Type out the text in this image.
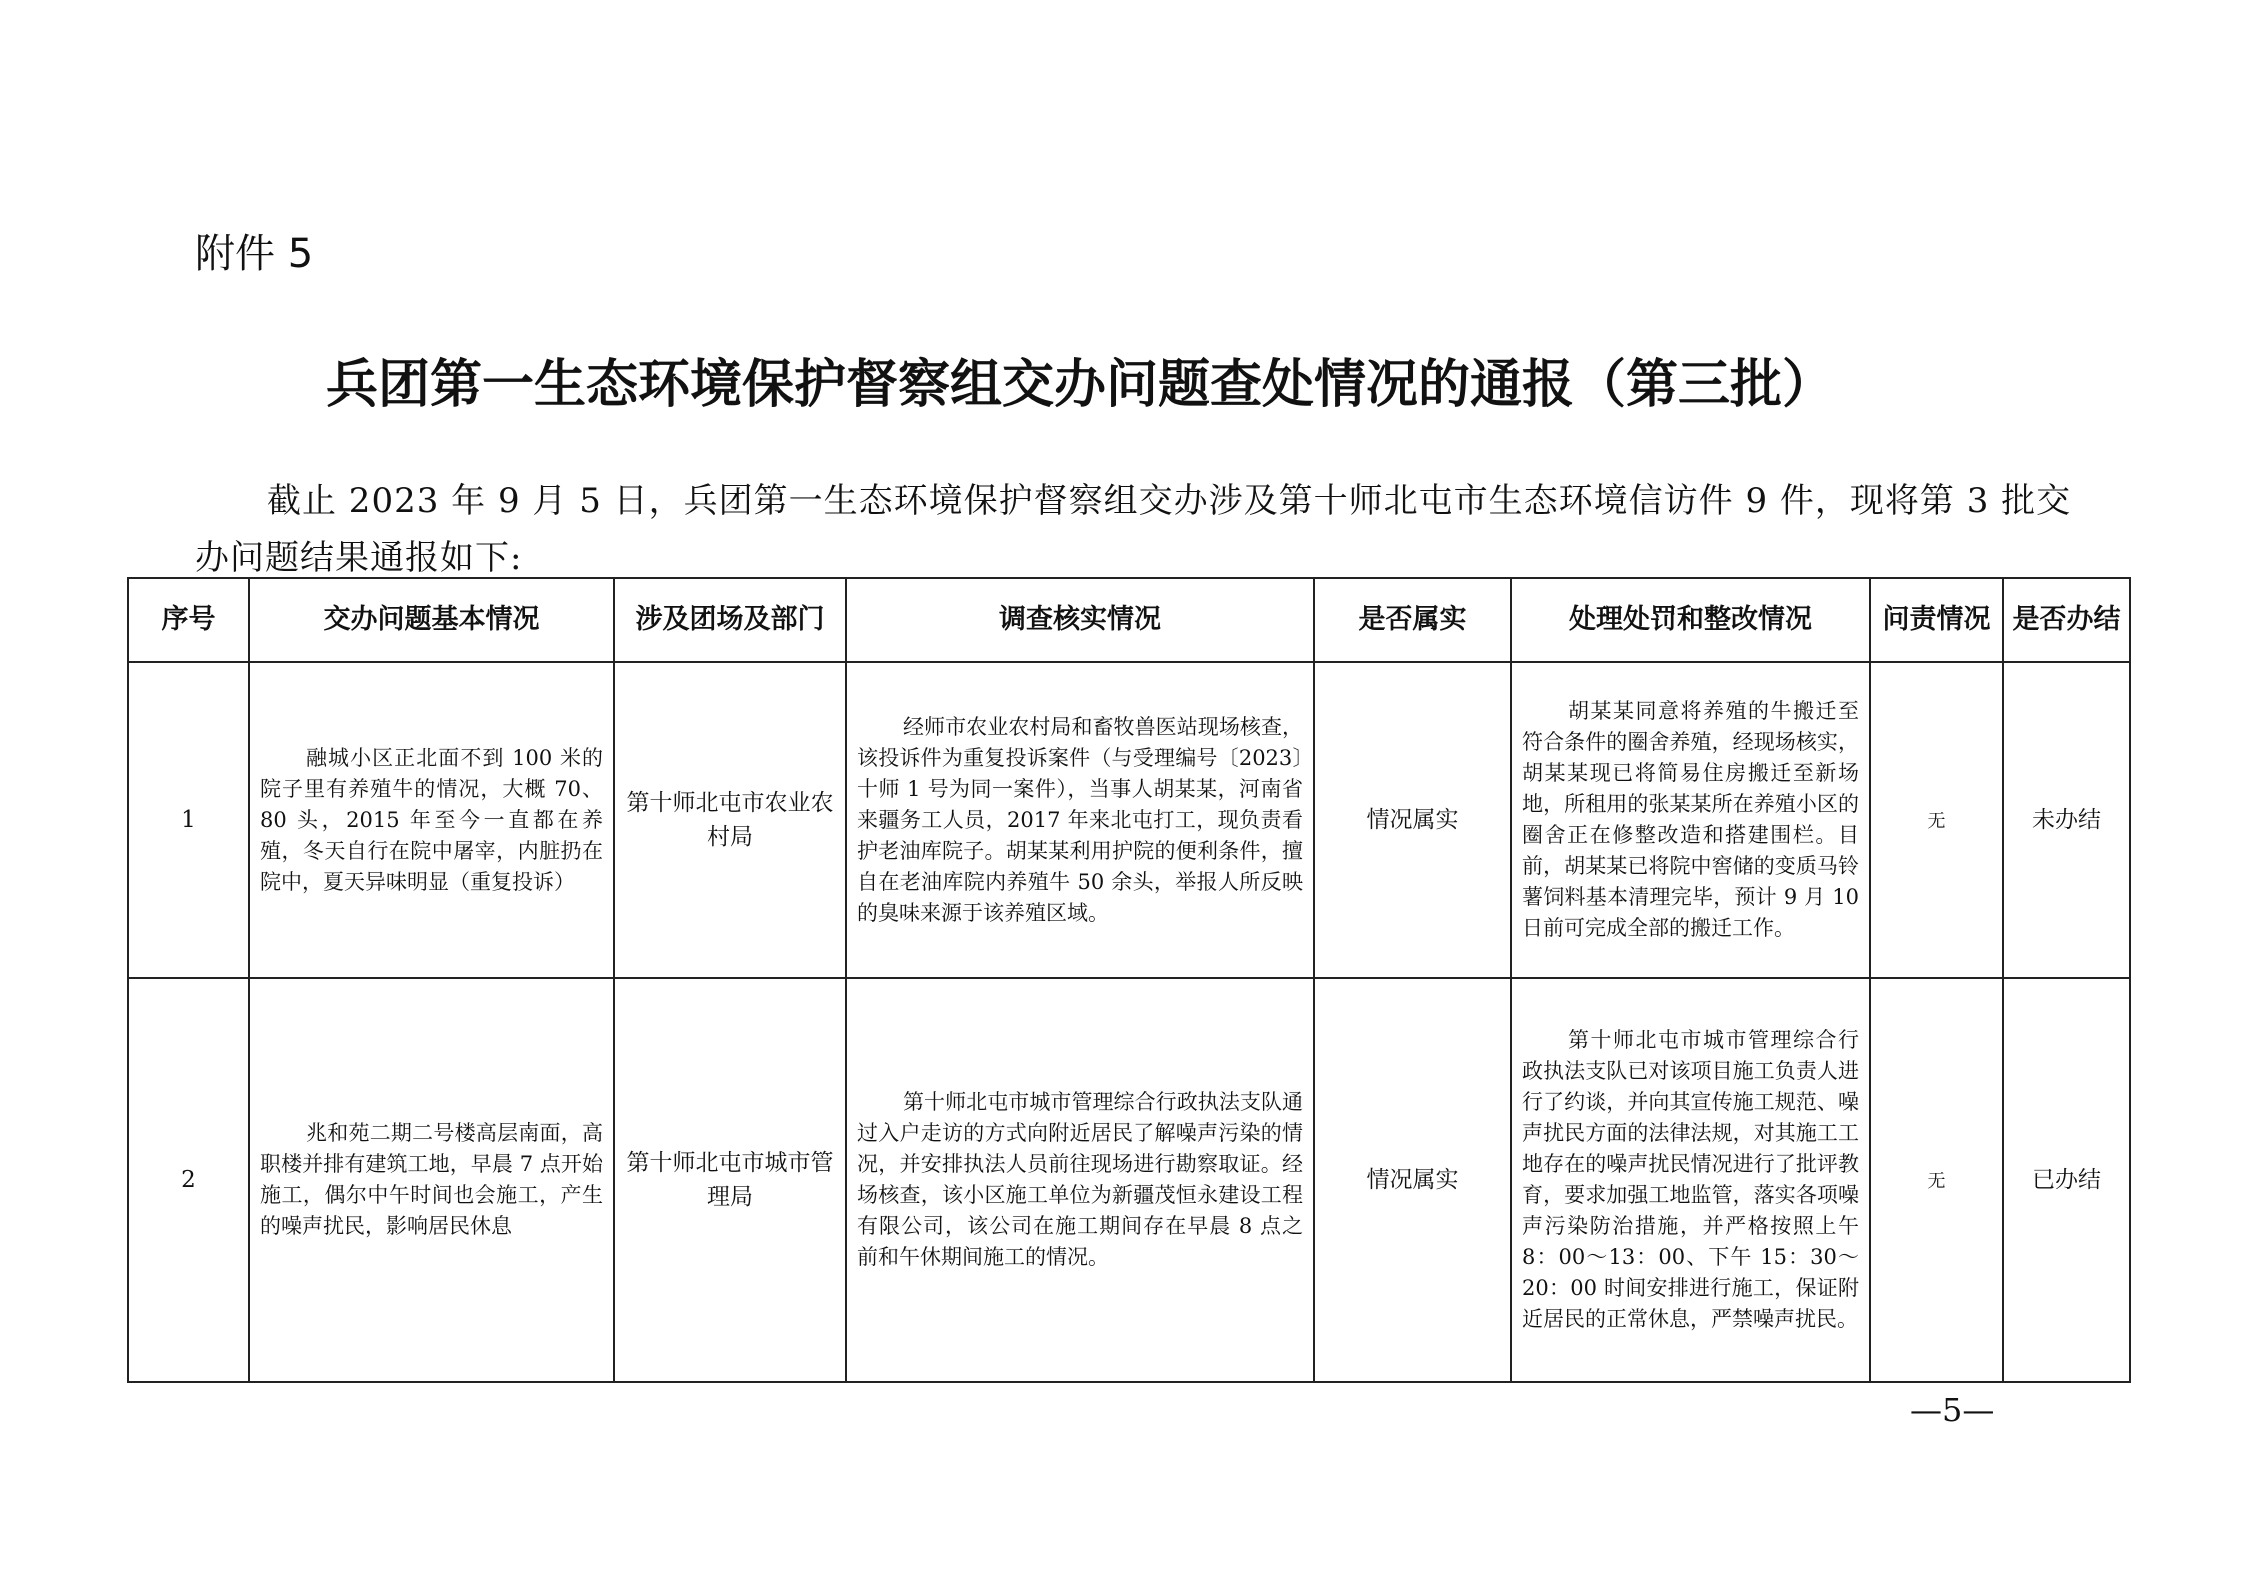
附件 5
兵团第一生态环境保护督察组交办问题查处情况的通报（第三批）

截止 2023 年 9 月 5 日，兵团第一生态环境保护督察组交办涉及第十师北屯市生态环境信访件 9 件，现将第 3 批交办问题结果通报如下:

序号	交办问题基本情况	涉及团场及部门	调查核实情况	是否属实	处理处罚和整改情况	问责情况	是否办结
1	融城小区正北面不到 100 米的院子里有养殖牛的情况，大概 70、80 头，2015 年至今一直都在养殖，冬天自行在院中屠宰，内脏扔在院中，夏天异味明显（重复投诉）	第十师北屯市农业农村局	经师市农业农村局和畜牧兽医站现场核查，该投诉件为重复投诉案件（与受理编号〔2023〕十师 1 号为同一案件），当事人胡某某，河南省来疆务工人员，2017 年来北屯打工，现负责看护老油库院子。胡某某利用护院的便利条件，擅自在老油库院内养殖牛 50 余头，举报人所反映的臭味来源于该养殖区域。	情况属实	胡某某同意将养殖的牛搬迁至符合条件的圈舍养殖，经现场核实，胡某某现已将简易住房搬迁至新场地，所租用的张某某所在养殖小区的圈舍正在修整改造和搭建围栏。目前，胡某某已将院中窖储的变质马铃薯饲料基本清理完毕，预计 9 月 10 日前可完成全部的搬迁工作。	无	未办结
2	兆和苑二期二号楼高层南面，高职楼并排有建筑工地，早晨 7 点开始施工，偶尔中午时间也会施工，产生的噪声扰民，影响居民休息	第十师北屯市城市管理局	第十师北屯市城市管理综合行政执法支队通过入户走访的方式向附近居民了解噪声污染的情况，并安排执法人员前往现场进行勘察取证。经场核查，该小区施工单位为新疆茂恒永建设工程有限公司，该公司在施工期间存在早晨 8 点之前和午休期间施工的情况。	情况属实	第十师北屯市城市管理综合行政执法支队已对该项目施工负责人进行了约谈，并向其宣传施工规范、噪声扰民方面的法律法规，对其施工工地存在的噪声扰民情况进行了批评教育，要求加强工地监管，落实各项噪声污染防治措施，并严格按照上午 8：00～13：00、下午 15：30～20：00 时间安排进行施工，保证附近居民的正常休息，严禁噪声扰民。	无	已办结
—5—
